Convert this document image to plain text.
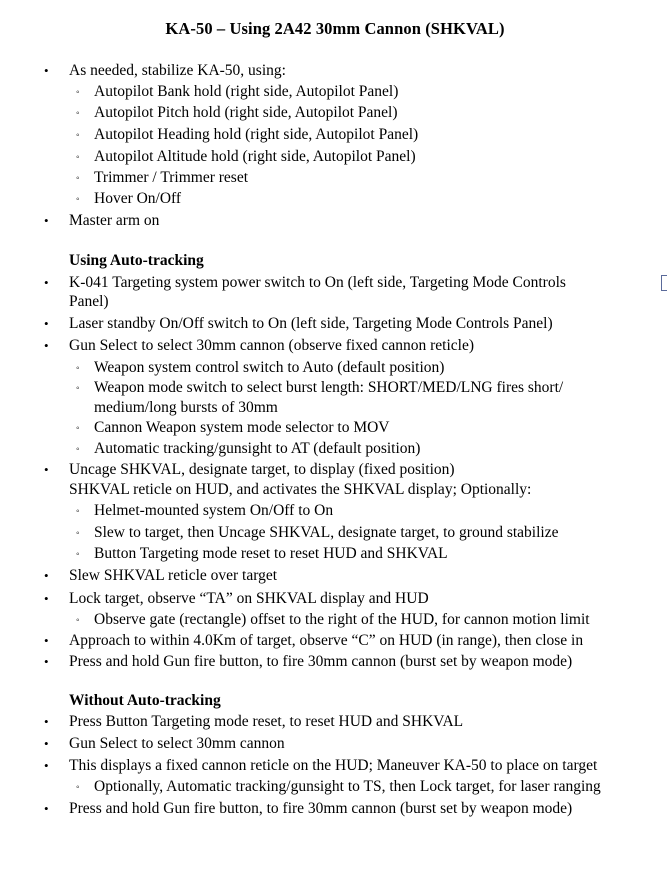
KA-50 – Using 2A42 30mm Cannon (SHKVAL)
• As needed, stabilize KA-50, using:
◦ Autopilot Bank hold (right side, Autopilot Panel)
◦ Autopilot Pitch hold (right side, Autopilot Panel)
◦ Autopilot Heading hold (right side, Autopilot Panel)
◦ Autopilot Altitude hold (right side, Autopilot Panel)
◦ Trimmer / Trimmer reset
◦ Hover On/Off
• Master arm on
Using Auto-tracking
• K-041 Targeting system power switch to On (left side, Targeting Mode Controls
Panel)
• Laser standby On/Off switch to On (left side, Targeting Mode Controls Panel)
• Gun Select to select 30mm cannon (observe fixed cannon reticle)
◦ Weapon system control switch to Auto (default position)
◦ Weapon mode switch to select burst length: SHORT/MED/LNG fires short/
medium/long bursts of 30mm
◦ Cannon Weapon system mode selector to MOV
◦ Automatic tracking/gunsight to AT (default position)
• Uncage SHKVAL, designate target, to display (fixed position)
SHKVAL reticle on HUD, and activates the SHKVAL display; Optionally:
◦ Helmet-mounted system On/Off to On
◦ Slew to target, then Uncage SHKVAL, designate target, to ground stabilize
◦ Button Targeting mode reset to reset HUD and SHKVAL
• Slew SHKVAL reticle over target
• Lock target, observe “TA” on SHKVAL display and HUD
◦ Observe gate (rectangle) offset to the right of the HUD, for cannon motion limit
• Approach to within 4.0Km of target, observe “C” on HUD (in range), then close in
• Press and hold Gun fire button, to fire 30mm cannon (burst set by weapon mode)
Without Auto-tracking
• Press Button Targeting mode reset, to reset HUD and SHKVAL
• Gun Select to select 30mm cannon
• This displays a fixed cannon reticle on the HUD; Maneuver KA-50 to place on target
◦ Optionally, Automatic tracking/gunsight to TS, then Lock target, for laser ranging
• Press and hold Gun fire button, to fire 30mm cannon (burst set by weapon mode)
